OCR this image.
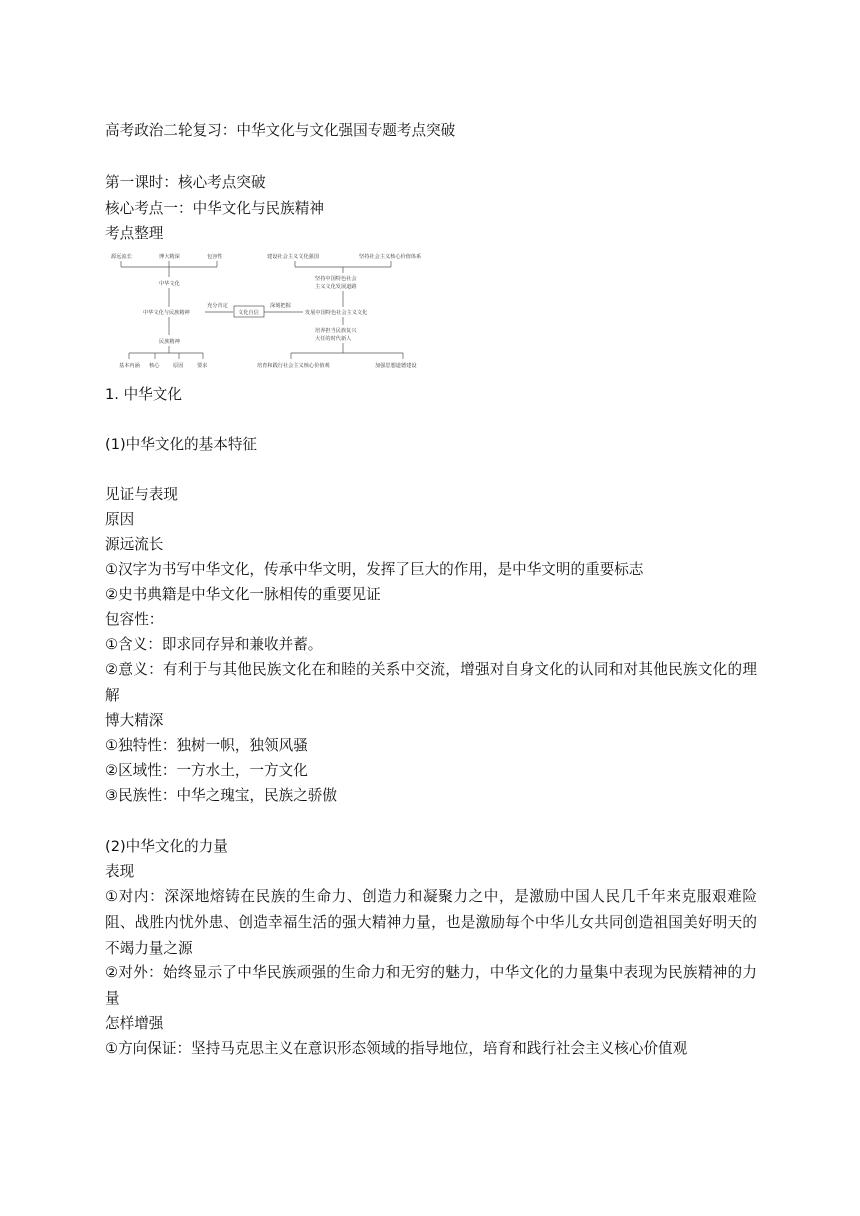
高考政治二轮复习：中华文化与文化强国专题考点突破
第一课时：核心考点突破
核心考点一：中华文化与民族精神
考点整理
1. 中华文化
(1)中华文化的基本特征
见证与表现
原因
源远流长
①汉字为书写中华文化，传承中华文明，发挥了巨大的作用，是中华文明的重要标志
②史书典籍是中华文化一脉相传的重要见证
包容性：
①含义：即求同存异和兼收并蓄。
②意义：有利于与其他民族文化在和睦的关系中交流，增强对自身文化的认同和对其他民族文化的理解
博大精深
①独特性：独树一帜，独领风骚
②区域性：一方水土，一方文化
③民族性：中华之瑰宝，民族之骄傲
(2)中华文化的力量
表现
①对内：深深地熔铸在民族的生命力、创造力和凝聚力之中，是激励中国人民几千年来克服艰难险阻、战胜内忧外患、创造幸福生活的强大精神力量，也是激励每个中华儿女共同创造祖国美好明天的不竭力量之源
②对外：始终显示了中华民族顽强的生命力和无穷的魅力，中华文化的力量集中表现为民族精神的力量
怎样增强
①方向保证：坚持马克思主义在意识形态领域的指导地位，培育和践行社会主义核心价值观
源远流长	博大精深	包容性
中华文化
中华文化与民族精神
民族精神
基本内涵 核心	原因	要求
充分肯定
文化自信
深刻把握
建设社会主义文化强国	坚持社会主义核心价值体系
坚持中国特色社会
主义文化发展道路
发展中国特色社会主义文化
培养担当民族复兴
大任的时代新人
培育和践行社会主义核心价值观	加强思想道德建设
